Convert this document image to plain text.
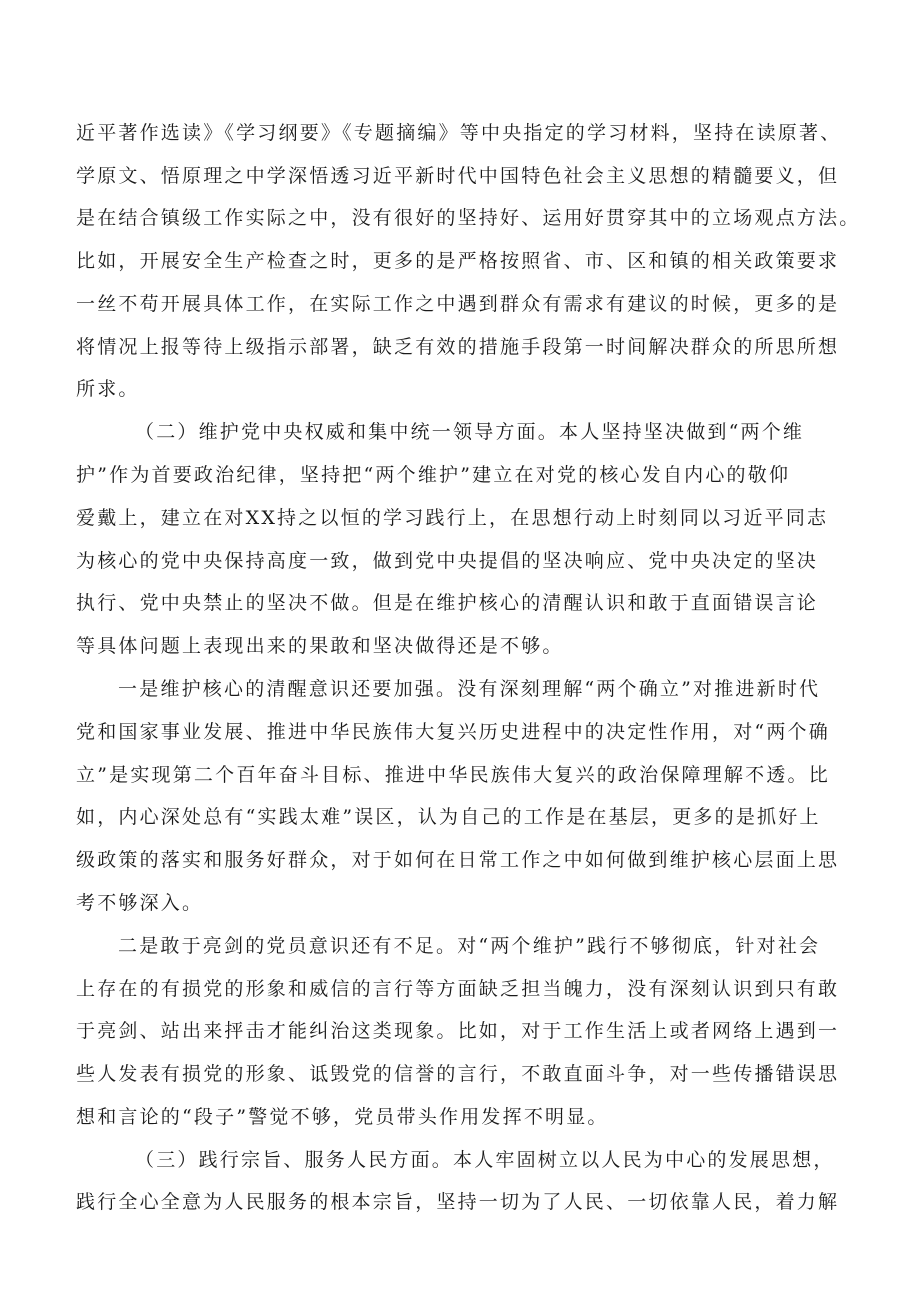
近平著作选读》《学习纲要》《专题摘编》等中央指定的学习材料，坚持在读原著、
学原文、悟原理之中学深悟透习近平新时代中国特色社会主义思想的精髓要义，但
是在结合镇级工作实际之中，没有很好的坚持好、运用好贯穿其中的立场观点方法。
比如，开展安全生产检查之时，更多的是严格按照省、市、区和镇的相关政策要求
一丝不苟开展具体工作，在实际工作之中遇到群众有需求有建议的时候，更多的是
将情况上报等待上级指示部署，缺乏有效的措施手段第一时间解决群众的所思所想
所求。
（二）维护党中央权威和集中统一领导方面。本人坚持坚决做到“两个维
护”作为首要政治纪律，坚持把“两个维护”建立在对党的核心发自内心的敬仰
爱戴上，建立在对XX持之以恒的学习践行上，在思想行动上时刻同以习近平同志
为核心的党中央保持高度一致，做到党中央提倡的坚决响应、党中央决定的坚决
执行、党中央禁止的坚决不做。但是在维护核心的清醒认识和敢于直面错误言论
等具体问题上表现出来的果敢和坚决做得还是不够。
一是维护核心的清醒意识还要加强。没有深刻理解“两个确立”对推进新时代
党和国家事业发展、推进中华民族伟大复兴历史进程中的决定性作用，对“两个确
立”是实现第二个百年奋斗目标、推进中华民族伟大复兴的政治保障理解不透。比
如，内心深处总有“实践太难”误区，认为自己的工作是在基层，更多的是抓好上
级政策的落实和服务好群众，对于如何在日常工作之中如何做到维护核心层面上思
考不够深入。
二是敢于亮剑的党员意识还有不足。对“两个维护”践行不够彻底，针对社会
上存在的有损党的形象和威信的言行等方面缺乏担当魄力，没有深刻认识到只有敢
于亮剑、站出来抨击才能纠治这类现象。比如，对于工作生活上或者网络上遇到一
些人发表有损党的形象、诋毁党的信誉的言行，不敢直面斗争，对一些传播错误思
想和言论的“段子”警觉不够，党员带头作用发挥不明显。
（三）践行宗旨、服务人民方面。本人牢固树立以人民为中心的发展思想，
践行全心全意为人民服务的根本宗旨，坚持一切为了人民、一切依靠人民，着力解
